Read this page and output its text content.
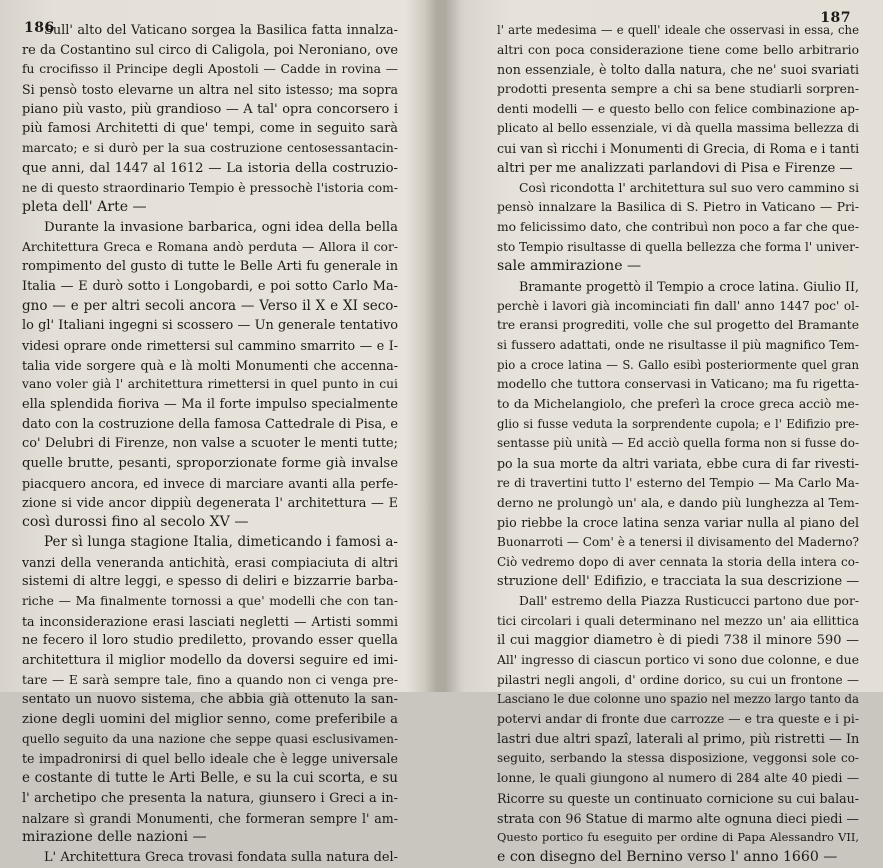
186
Sull' alto del Vaticano sorgea la Basilica fatta innalza-
re da Costantino sul circo di Caligola, poi Neroniano, ove
fu crocifisso il Principe degli Apostoli — Cadde in rovina —
Si pensò tosto elevarne un altra nel sito istesso; ma sopra
piano più vasto, più grandioso — A tal' opra concorsero i
più famosi Architetti di que' tempi, come in seguito sarà
marcato; e si durò per la sua costruzione centosessantacin-
que anni, dal 1447 al 1612 — La istoria della costruzio-
ne di questo straordinario Tempio è pressochè l'istoria com-
pleta dell' Arte —
Durante la invasione barbarica, ogni idea della bella
Architettura Greca e Romana andò perduta — Allora il cor-
rompimento del gusto di tutte le Belle Arti fu generale in
Italia — E durò sotto i Longobardi, e poi sotto Carlo Ma-
gno — e per altri secoli ancora — Verso il X e XI seco-
lo gl' Italiani ingegni si scossero — Un generale tentativo
videsi oprare onde rimettersi sul cammino smarrito — e I-
talia vide sorgere quà e là molti Monumenti che accenna-
vano voler già l' architettura rimettersi in quel punto in cui
ella splendida fioriva — Ma il forte impulso specialmente
dato con la costruzione della famosa Cattedrale di Pisa, e
co' Delubri di Firenze, non valse a scuoter le menti tutte;
quelle brutte, pesanti, sproporzionate forme già invalse
piacquero ancora, ed invece di marciare avanti alla perfe-
zione si vide ancor dippiù degenerata l' architettura — E
così durossi fino al secolo XV —
Per sì lunga stagione Italia, dimeticando i famosi a-
vanzi della veneranda antichità, erasi compiaciuta di altri
sistemi di altre leggi, e spesso di deliri e bizzarrie barba-
riche — Ma finalmente tornossi a que' modelli che con tan-
ta inconsiderazione erasi lasciati negletti — Artisti sommi
ne fecero il loro studio prediletto, provando esser quella
architettura il miglior modello da doversi seguire ed imi-
tare — E sarà sempre tale, fino a quando non ci venga pre-
sentato un nuovo sistema, che abbia già ottenuto la san-
zione degli uomini del miglior senno, come preferibile a
quello seguito da una nazione che seppe quasi esclusivamen-
te impadronirsi di quel bello ideale che è legge universale
e costante di tutte le Arti Belle, e su la cui scorta, e su
l' archetipo che presenta la natura, giunsero i Greci a in-
nalzare sì grandi Monumenti, che formeran sempre l' am-
mirazione delle nazioni —
L' Architettura Greca trovasi fondata sulla natura del-
187
l' arte medesima — e quell' ideale che osservasi in essa, che
altri con poca considerazione tiene come bello arbitrario
non essenziale, è tolto dalla natura, che ne' suoi svariati
prodotti presenta sempre a chi sa bene studiarli sorpren-
denti modelli — e questo bello con felice combinazione ap-
plicato al bello essenziale, vi dà quella massima bellezza di
cui van sì ricchi i Monumenti di Grecia, di Roma e i tanti
altri per me analizzati parlandovi di Pisa e Firenze —
Così ricondotta l' architettura sul suo vero cammino si
pensò innalzare la Basilica di S. Pietro in Vaticano — Pri-
mo felicissimo dato, che contribuì non poco a far che que-
sto Tempio risultasse di quella bellezza che forma l' univer-
sale ammirazione —
Bramante progettò il Tempio a croce latina. Giulio II,
perchè i lavori già incominciati fin dall' anno 1447 poc' ol-
tre eransi progrediti, volle che sul progetto del Bramante
si fussero adattati, onde ne risultasse il più magnifico Tem-
pio a croce latina — S. Gallo esibì posteriormente quel gran
modello che tuttora conservasi in Vaticano; ma fu rigetta-
to da Michelangiolo, che preferì la croce greca acciò me-
glio si fusse veduta la sorprendente cupola; e l' Edifizio pre-
sentasse più unità — Ed acciò quella forma non si fusse do-
po la sua morte da altri variata, ebbe cura di far rivesti-
re di travertini tutto l' esterno del Tempio — Ma Carlo Ma-
derno ne prolungò un' ala, e dando più lunghezza al Tem-
pio riebbe la croce latina senza variar nulla al piano del
Buonarroti — Com' è a tenersi il divisamento del Maderno?
Ciò vedremo dopo di aver cennata la storia della intera co-
struzione dell' Edifizio, e tracciata la sua descrizione —
Dall' estremo della Piazza Rusticucci partono due por-
tici circolari i quali determinano nel mezzo un' aia ellittica
il cui maggior diametro è di piedi 738 il minore 590 —
All' ingresso di ciascun portico vi sono due colonne, e due
pilastri negli angoli, d' ordine dorico, su cui un frontone —
Lasciano le due colonne uno spazio nel mezzo largo tanto da
potervi andar di fronte due carrozze — e tra queste e i pi-
lastri due altri spazî, laterali al primo, più ristretti — In
seguito, serbando la stessa disposizione, veggonsi sole co-
lonne, le quali giungono al numero di 284 alte 40 piedi —
Ricorre su queste un continuato cornicione su cui balau-
strata con 96 Statue di marmo alte ognuna dieci piedi —
Questo portico fu eseguito per ordine di Papa Alessandro VII,
e con disegno del Bernino verso l' anno 1660 —
